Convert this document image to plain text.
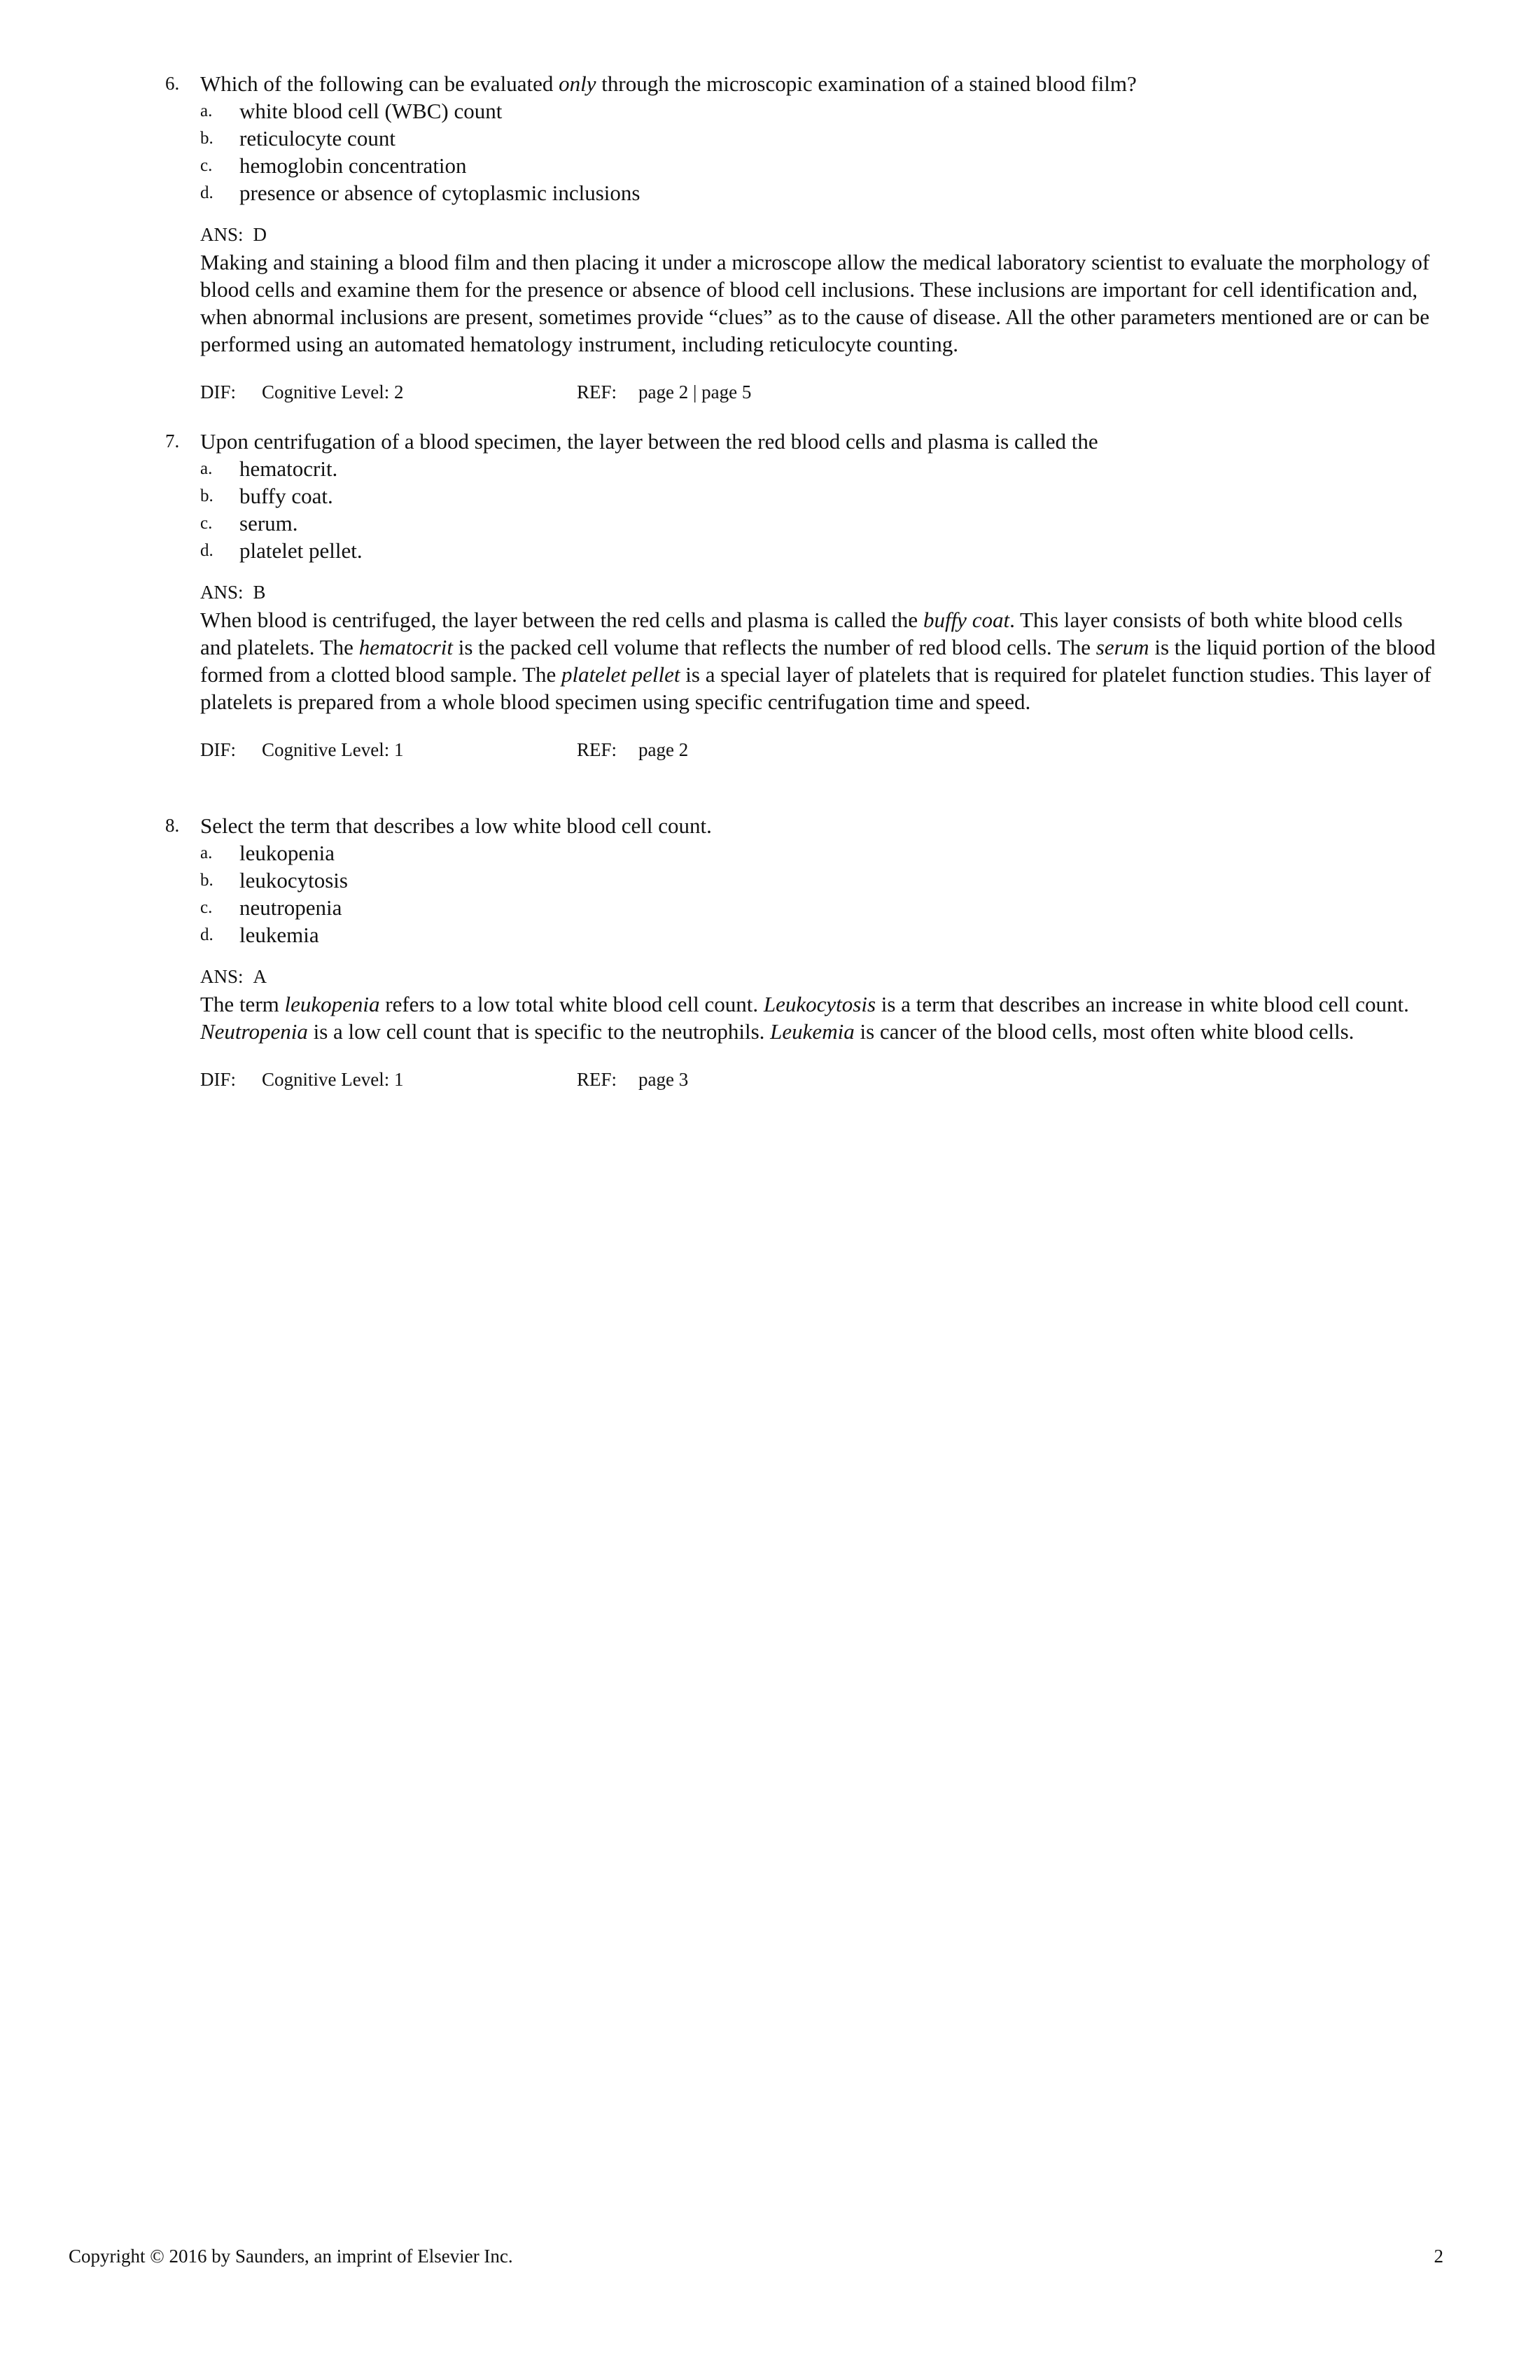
6. Which of the following can be evaluated only through the microscopic examination of a stained blood film?
a. white blood cell (WBC) count
b. reticulocyte count
c. hemoglobin concentration
d. presence or absence of cytoplasmic inclusions
ANS: D

Making and staining a blood film and then placing it under a microscope allow the medical laboratory scientist to evaluate the morphology of blood cells and examine them for the presence or absence of blood cell inclusions. These inclusions are important for cell identification and, when abnormal inclusions are present, sometimes provide “clues” as to the cause of disease. All the other parameters mentioned are or can be performed using an automated hematology instrument, including reticulocyte counting.

DIF: Cognitive Level: 2	REF: page 2 | page 5
7. Upon centrifugation of a blood specimen, the layer between the red blood cells and plasma is called the
a. hematocrit.
b. buffy coat.
c. serum.
d. platelet pellet.
ANS: B

When blood is centrifuged, the layer between the red cells and plasma is called the buffy coat. This layer consists of both white blood cells and platelets. The hematocrit is the packed cell volume that reflects the number of red blood cells. The serum is the liquid portion of the blood formed from a clotted blood sample. The platelet pellet is a special layer of platelets that is required for platelet function studies. This layer of platelets is prepared from a whole blood specimen using specific centrifugation time and speed.

DIF: Cognitive Level: 1	REF: page 2
8. Select the term that describes a low white blood cell count.
a. leukopenia
b. leukocytosis
c. neutropenia
d. leukemia
ANS: A

The term leukopenia refers to a low total white blood cell count. Leukocytosis is a term that describes an increase in white blood cell count. Neutropenia is a low cell count that is specific to the neutrophils. Leukemia is cancer of the blood cells, most often white blood cells.

DIF: Cognitive Level: 1	REF: page 3
Copyright © 2016 by Saunders, an imprint of Elsevier Inc.	2
